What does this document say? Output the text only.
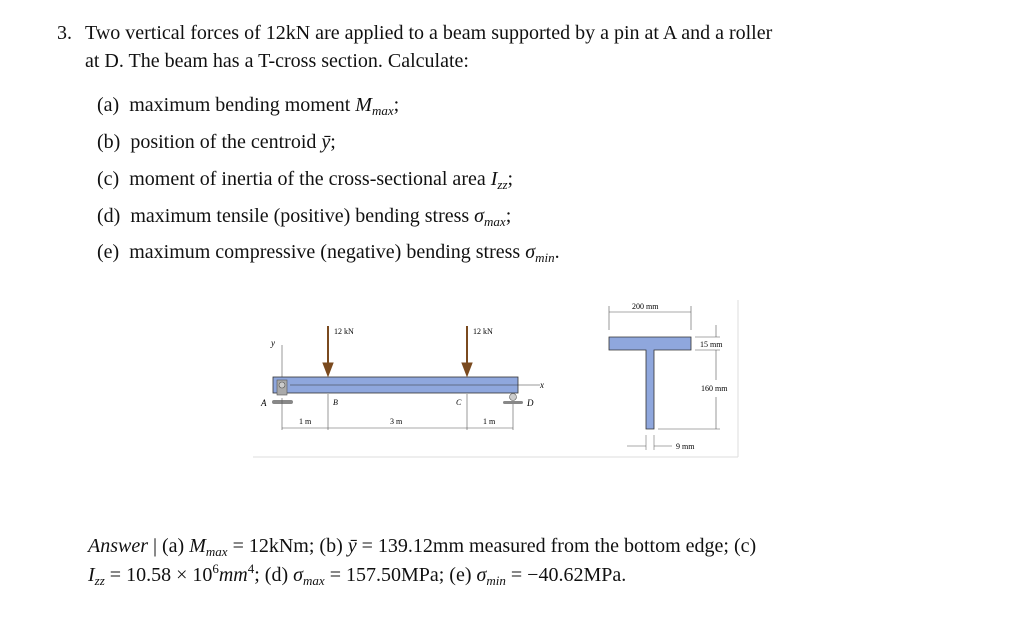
3. Two vertical forces of 12kN are applied to a beam supported by a pin at A and a roller
at D. The beam has a T-cross section. Calculate:
(a) maximum bending moment $M_{max}$;
(b) position of the centroid ȳ;
(c) moment of inertia of the cross-sectional area $I_{zz}$;
(d) maximum tensile (positive) bending stress $\sigma_{max}$;
(e) maximum compressive (negative) bending stress $\sigma_{min}$.
y
x
A	D
B	C
12 kN	12 kN
1 m	3 m	1 m
200 mm
15 mm
160 mm
9 mm
Answer | (a) $M_{max} = 12kNm$; (b) ȳ = 139.12mm measured from the bottom edge; (c)
$I_{zz} = 10.58 \times 10^6mm^4$; (d) $\sigma_{max} = 157.50MPa$; (e) $\sigma_{min} = -40.62MPa$.
